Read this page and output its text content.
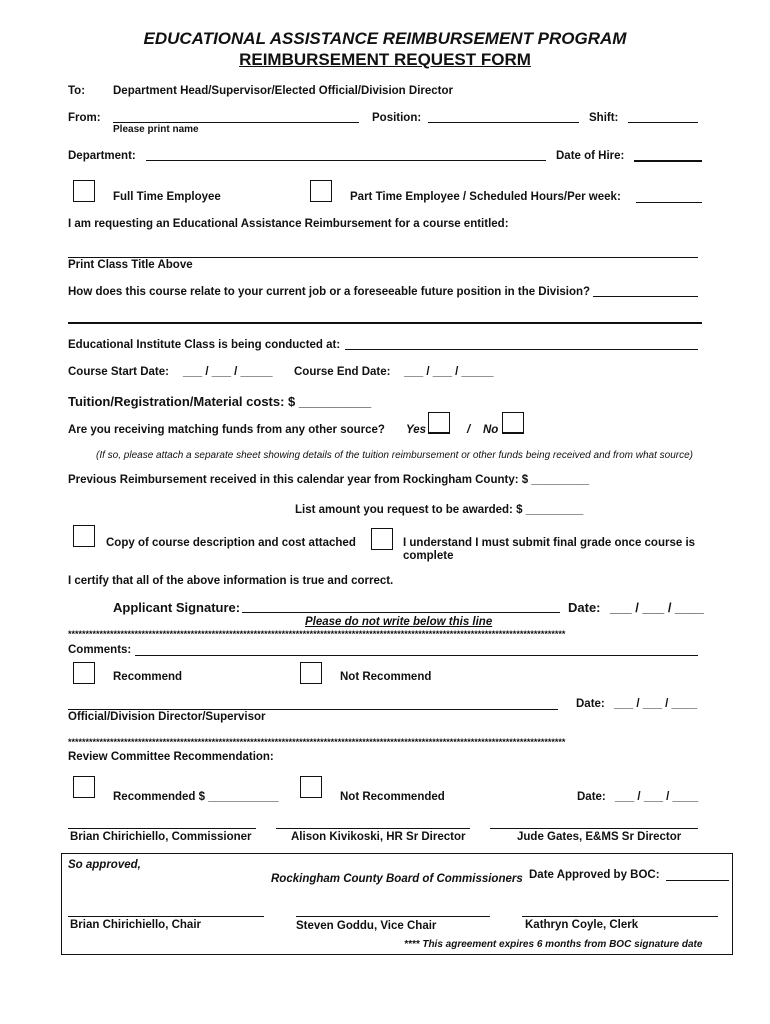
EDUCATIONAL ASSISTANCE REIMBURSEMENT PROGRAM
REIMBURSEMENT REQUEST FORM
To: Department Head/Supervisor/Elected Official/Division Director
From:
Please print name
Position:	Shift:
Department:	Date of Hire:
Full Time Employee	Part Time Employee / Scheduled Hours/Per week:
I am requesting an Educational Assistance Reimbursement for a course entitled:
Print Class Title Above
How does this course relate to your current job or a foreseeable future position in the Division?
Educational Institute Class is being conducted at:
Course Start Date: ___ / ___ / _____ Course End Date: ___ / ___ / _____
Tuition/Registration/Material costs: $ __________
Are you receiving matching funds from any other source? Yes	/ No
(If so, please attach a separate sheet showing details of the tuition reimbursement or other funds being received and from what source)
Previous Reimbursement received in this calendar year from Rockingham County: $ _________
List amount you request to be awarded: $ _________
Copy of course description and cost attached	I understand I must submit final grade once course is
complete
I certify that all of the above information is true and correct.
Applicant Signature:	Date: ___ / ___ / ____
Please do not write below this line
**********************************************************************************************************************************************
Comments:
Recommend	Not Recommend
Date: ___ / ___ / ____
Official/Division Director/Supervisor
**********************************************************************************************************************************************
Review Committee Recommendation:
Recommended $ ___________	Not Recommended	Date: ___ / ___ / ____
Brian Chirichiello, Commissioner	Alison Kivikoski, HR Sr Director	Jude Gates, E&MS Sr Director
So approved,
Rockingham County Board of Commissioners Date Approved by BOC:
Brian Chirichiello, Chair	Steven Goddu, Vice Chair	Kathryn Coyle, Clerk
**** This agreement expires 6 months from BOC signature date
